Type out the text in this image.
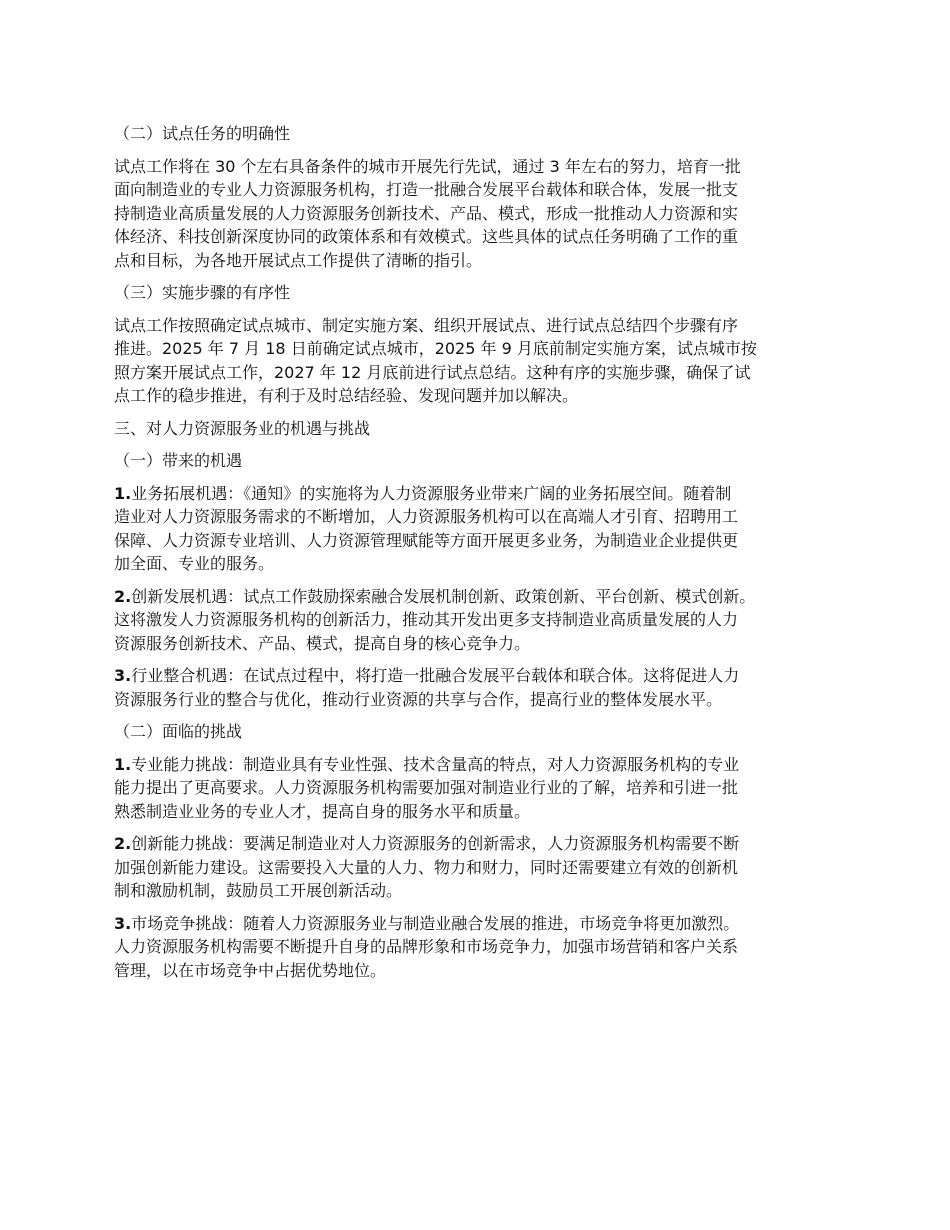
（二）试点任务的明确性
试点工作将在 30 个左右具备条件的城市开展先行先试，通过 3 年左右的努力，培育一批
面向制造业的专业人力资源服务机构，打造一批融合发展平台载体和联合体，发展一批支
持制造业高质量发展的人力资源服务创新技术、产品、模式，形成一批推动人力资源和实
体经济、科技创新深度协同的政策体系和有效模式。这些具体的试点任务明确了工作的重
点和目标，为各地开展试点工作提供了清晰的指引。
（三）实施步骤的有序性
试点工作按照确定试点城市、制定实施方案、组织开展试点、进行试点总结四个步骤有序
推进。2025 年 7 月 18 日前确定试点城市，2025 年 9 月底前制定实施方案，试点城市按
照方案开展试点工作，2027 年 12 月底前进行试点总结。这种有序的实施步骤，确保了试
点工作的稳步推进，有利于及时总结经验、发现问题并加以解决。
三、对人力资源服务业的机遇与挑战
（一）带来的机遇
1.业务拓展机遇：《通知》的实施将为人力资源服务业带来广阔的业务拓展空间。随着制
造业对人力资源服务需求的不断增加，人力资源服务机构可以在高端人才引育、招聘用工
保障、人力资源专业培训、人力资源管理赋能等方面开展更多业务，为制造业企业提供更
加全面、专业的服务。
2.创新发展机遇：试点工作鼓励探索融合发展机制创新、政策创新、平台创新、模式创新。
这将激发人力资源服务机构的创新活力，推动其开发出更多支持制造业高质量发展的人力
资源服务创新技术、产品、模式，提高自身的核心竞争力。
3.行业整合机遇：在试点过程中，将打造一批融合发展平台载体和联合体。这将促进人力
资源服务行业的整合与优化，推动行业资源的共享与合作，提高行业的整体发展水平。
（二）面临的挑战
1.专业能力挑战：制造业具有专业性强、技术含量高的特点，对人力资源服务机构的专业
能力提出了更高要求。人力资源服务机构需要加强对制造业行业的了解，培养和引进一批
熟悉制造业业务的专业人才，提高自身的服务水平和质量。
2.创新能力挑战：要满足制造业对人力资源服务的创新需求，人力资源服务机构需要不断
加强创新能力建设。这需要投入大量的人力、物力和财力，同时还需要建立有效的创新机
制和激励机制，鼓励员工开展创新活动。
3.市场竞争挑战：随着人力资源服务业与制造业融合发展的推进，市场竞争将更加激烈。
人力资源服务机构需要不断提升自身的品牌形象和市场竞争力，加强市场营销和客户关系
管理，以在市场竞争中占据优势地位。
